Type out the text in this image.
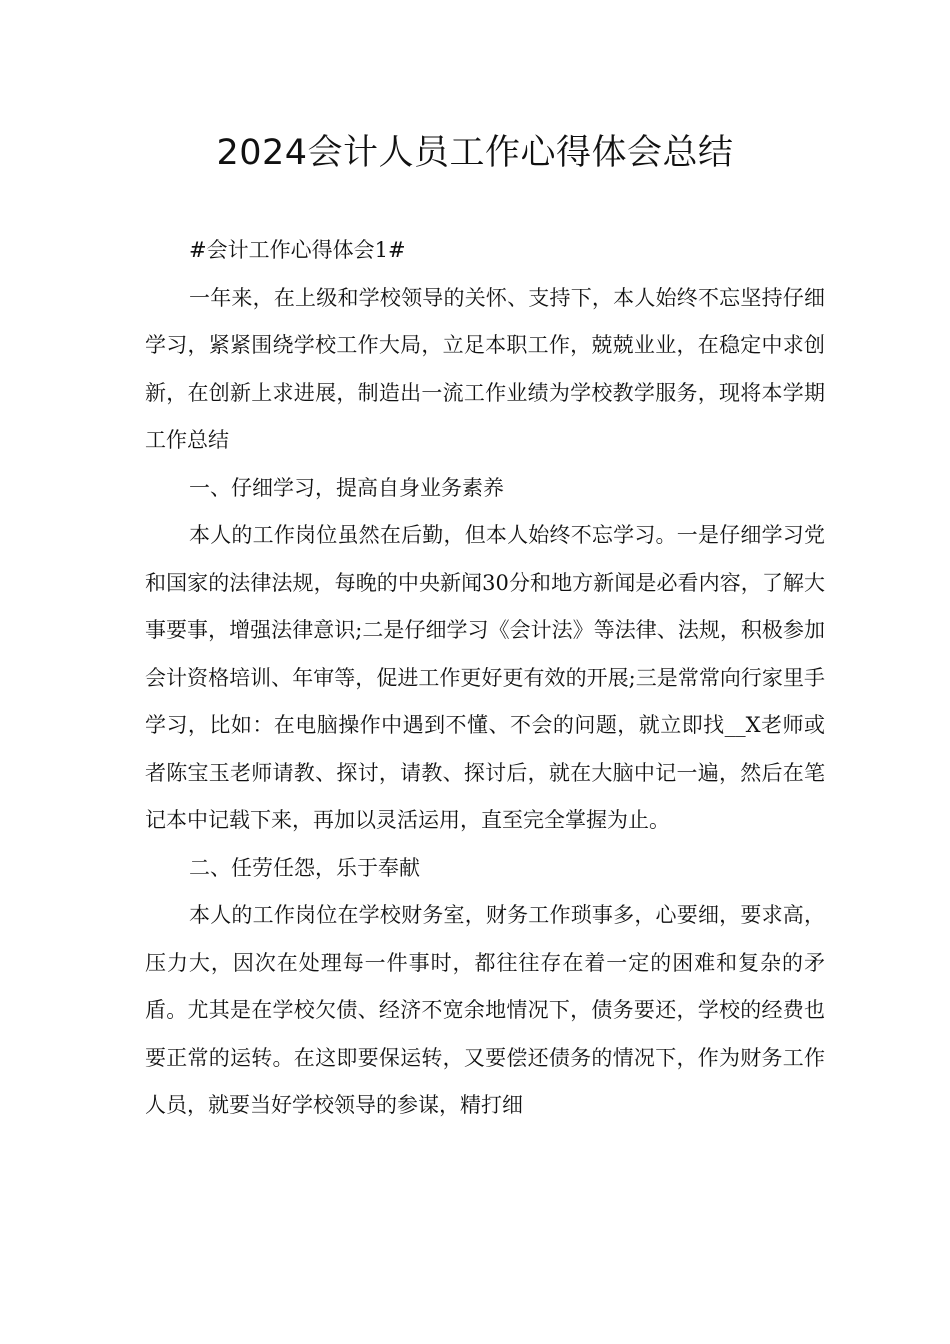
2024会计人员工作心得体会总结

#会计工作心得体会1#

一年来，在上级和学校领导的关怀、支持下，本人始终不忘坚持仔细学习，紧紧围绕学校工作大局，立足本职工作，兢兢业业，在稳定中求创新，在创新上求进展，制造出一流工作业绩为学校教学服务，现将本学期工作总结

一、仔细学习，提高自身业务素养

本人的工作岗位虽然在后勤，但本人始终不忘学习。一是仔细学习党和国家的法律法规，每晚的中央新闻30分和地方新闻是必看内容，了解大事要事，增强法律意识;二是仔细学习《会计法》等法律、法规，积极参加会计资格培训、年审等，促进工作更好更有效的开展;三是常常向行家里手学习，比如：在电脑操作中遇到不懂、不会的问题，就立即找__X老师或者陈宝玉老师请教、探讨，请教、探讨后，就在大脑中记一遍，然后在笔记本中记载下来，再加以灵活运用，直至完全掌握为止。

二、任劳任怨，乐于奉献

本人的工作岗位在学校财务室，财务工作琐事多，心要细，要求高，压力大，因次在处理每一件事时，都往往存在着一定的困难和复杂的矛盾。尤其是在学校欠债、经济不宽余地情况下，债务要还，学校的经费也要正常的运转。在这即要保运转，又要偿还债务的情况下，作为财务工作人员，就要当好学校领导的参谋，精打细
